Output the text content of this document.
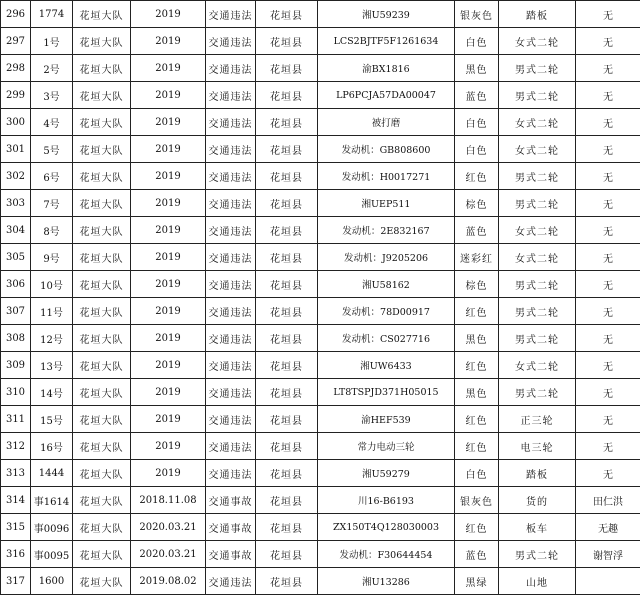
296	1774	花垣大队	2019	交通违法	花垣县	湘U59239	银灰色	踏板	无
297	1号	花垣大队	2019	交通违法	花垣县	LCS2BJTF5F1261634	白色	女式二轮	无
298	2号	花垣大队	2019	交通违法	花垣县	渝BX1816	黑色	男式二轮	无
299	3号	花垣大队	2019	交通违法	花垣县	LP6PCJA57DA00047	蓝色	男式二轮	无
300	4号	花垣大队	2019	交通违法	花垣县	被打磨	白色	女式二轮	无
301	5号	花垣大队	2019	交通违法	花垣县	发动机：GB808600	白色	女式二轮	无
302	6号	花垣大队	2019	交通违法	花垣县	发动机：H0017271	红色	男式二轮	无
303	7号	花垣大队	2019	交通违法	花垣县	湘UEP511	棕色	男式二轮	无
304	8号	花垣大队	2019	交通违法	花垣县	发动机：2E832167	蓝色	女式二轮	无
305	9号	花垣大队	2019	交通违法	花垣县	发动机：J9205206	迷彩红	女式二轮	无
306	10号	花垣大队	2019	交通违法	花垣县	湘U58162	棕色	男式二轮	无
307	11号	花垣大队	2019	交通违法	花垣县	发动机：78D00917	红色	男式二轮	无
308	12号	花垣大队	2019	交通违法	花垣县	发动机：CS027716	黑色	男式二轮	无
309	13号	花垣大队	2019	交通违法	花垣县	湘UW6433	红色	女式二轮	无
310	14号	花垣大队	2019	交通违法	花垣县	LT8TSPJD371H05015	黑色	男式二轮	无
311	15号	花垣大队	2019	交通违法	花垣县	渝HEF539	红色	正三轮	无
312	16号	花垣大队	2019	交通违法	花垣县	常力电动三轮	红色	电三轮	无
313	1444	花垣大队	2019	交通违法	花垣县	湘U59279	白色	踏板	无
314	事1614	花垣大队	2018.11.08	交通事故	花垣县	川16-B6193	银灰色	货的	田仁洪
315	事0096	花垣大队	2020.03.21	交通事故	花垣县	ZX150T4Q128030003	红色	板车	无趣
316	事0095	花垣大队	2020.03.21	交通事故	花垣县	发动机：F30644454	蓝色	男式二轮	谢智浮
317	1600	花垣大队	2019.08.02	交通违法	花垣县	湘U13286	黑绿	山地	
